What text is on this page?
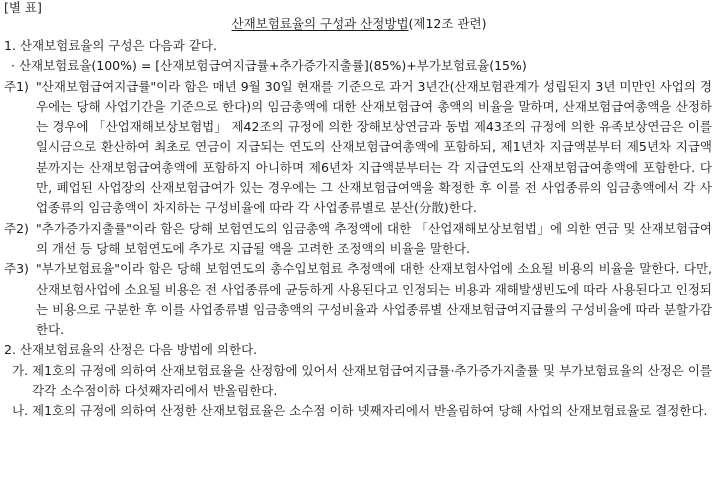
[별 표]
산재보험료율의 구성과 산정방법(제12조 관련)
1. 산재보험료율의 구성은 다음과 같다.
· 산재보험료율(100%) = [산재보험급여지급률+추가증가지출률](85%)+부가보험료율(15%)
주1) "산재보험급여지급률"이라 함은 매년 9월 30일 현재를 기준으로 과거 3년간(산재보험관계가 성립된지 3년 미만인 사업의 경우에는 당해 사업기간을 기준으로 한다)의 임금총액에 대한 산재보험급여 총액의 비율을 말하며, 산재보험급여총액을 산정하는 경우에 「산업재해보상보험법」 제42조의 규정에 의한 장해보상연금과 동법 제43조의 규정에 의한 유족보상연금은 이를 일시금으로 환산하여 최초로 연금이 지급되는 연도의 산재보험급여총액에 포함하되, 제1년차 지급액분부터 제5년차 지급액분까지는 산재보험급여총액에 포함하지 아니하며 제6년차 지급액분부터는 각 지급연도의 산재보험급여총액에 포함한다. 다만, 폐업된 사업장의 산재보험급여가 있는 경우에는 그 산재보험급여액을 확정한 후 이를 전 사업종류의 임금총액에서 각 사업종류의 임금총액이 차지하는 구성비율에 따라 각 사업종류별로 분산(分散)한다.
주2) "추가증가지출률"이라 함은 당해 보험연도의 임금총액 추정액에 대한 「산업재해보상보험법」에 의한 연금 및 산재보험급여의 개선 등 당해 보험연도에 추가로 지급될 액을 고려한 조정액의 비율을 말한다.
주3) "부가보험료율"이라 함은 당해 보험연도의 총수입보험료 추정액에 대한 산재보험사업에 소요될 비용의 비율을 말한다. 다만, 산재보험사업에 소요될 비용은 전 사업종류에 균등하게 사용된다고 인정되는 비용과 재해발생빈도에 따라 사용된다고 인정되는 비용으로 구분한 후 이를 사업종류별 임금총액의 구성비율과 사업종류별 산재보험급여지급률의 구성비율에 따라 분할가감한다.
2. 산재보험료율의 산정은 다음 방법에 의한다.
가. 제1호의 규정에 의하여 산재보험료율을 산정함에 있어서 산재보험급여지급률·추가증가지출률 및 부가보험료율의 산정은 이를 각각 소수점이하 다섯째자리에서 반올림한다.
나. 제1호의 규정에 의하여 산정한 산재보험료율은 소수점 이하 넷째자리에서 반올림하여 당해 사업의 산재보험료율로 결정한다.
